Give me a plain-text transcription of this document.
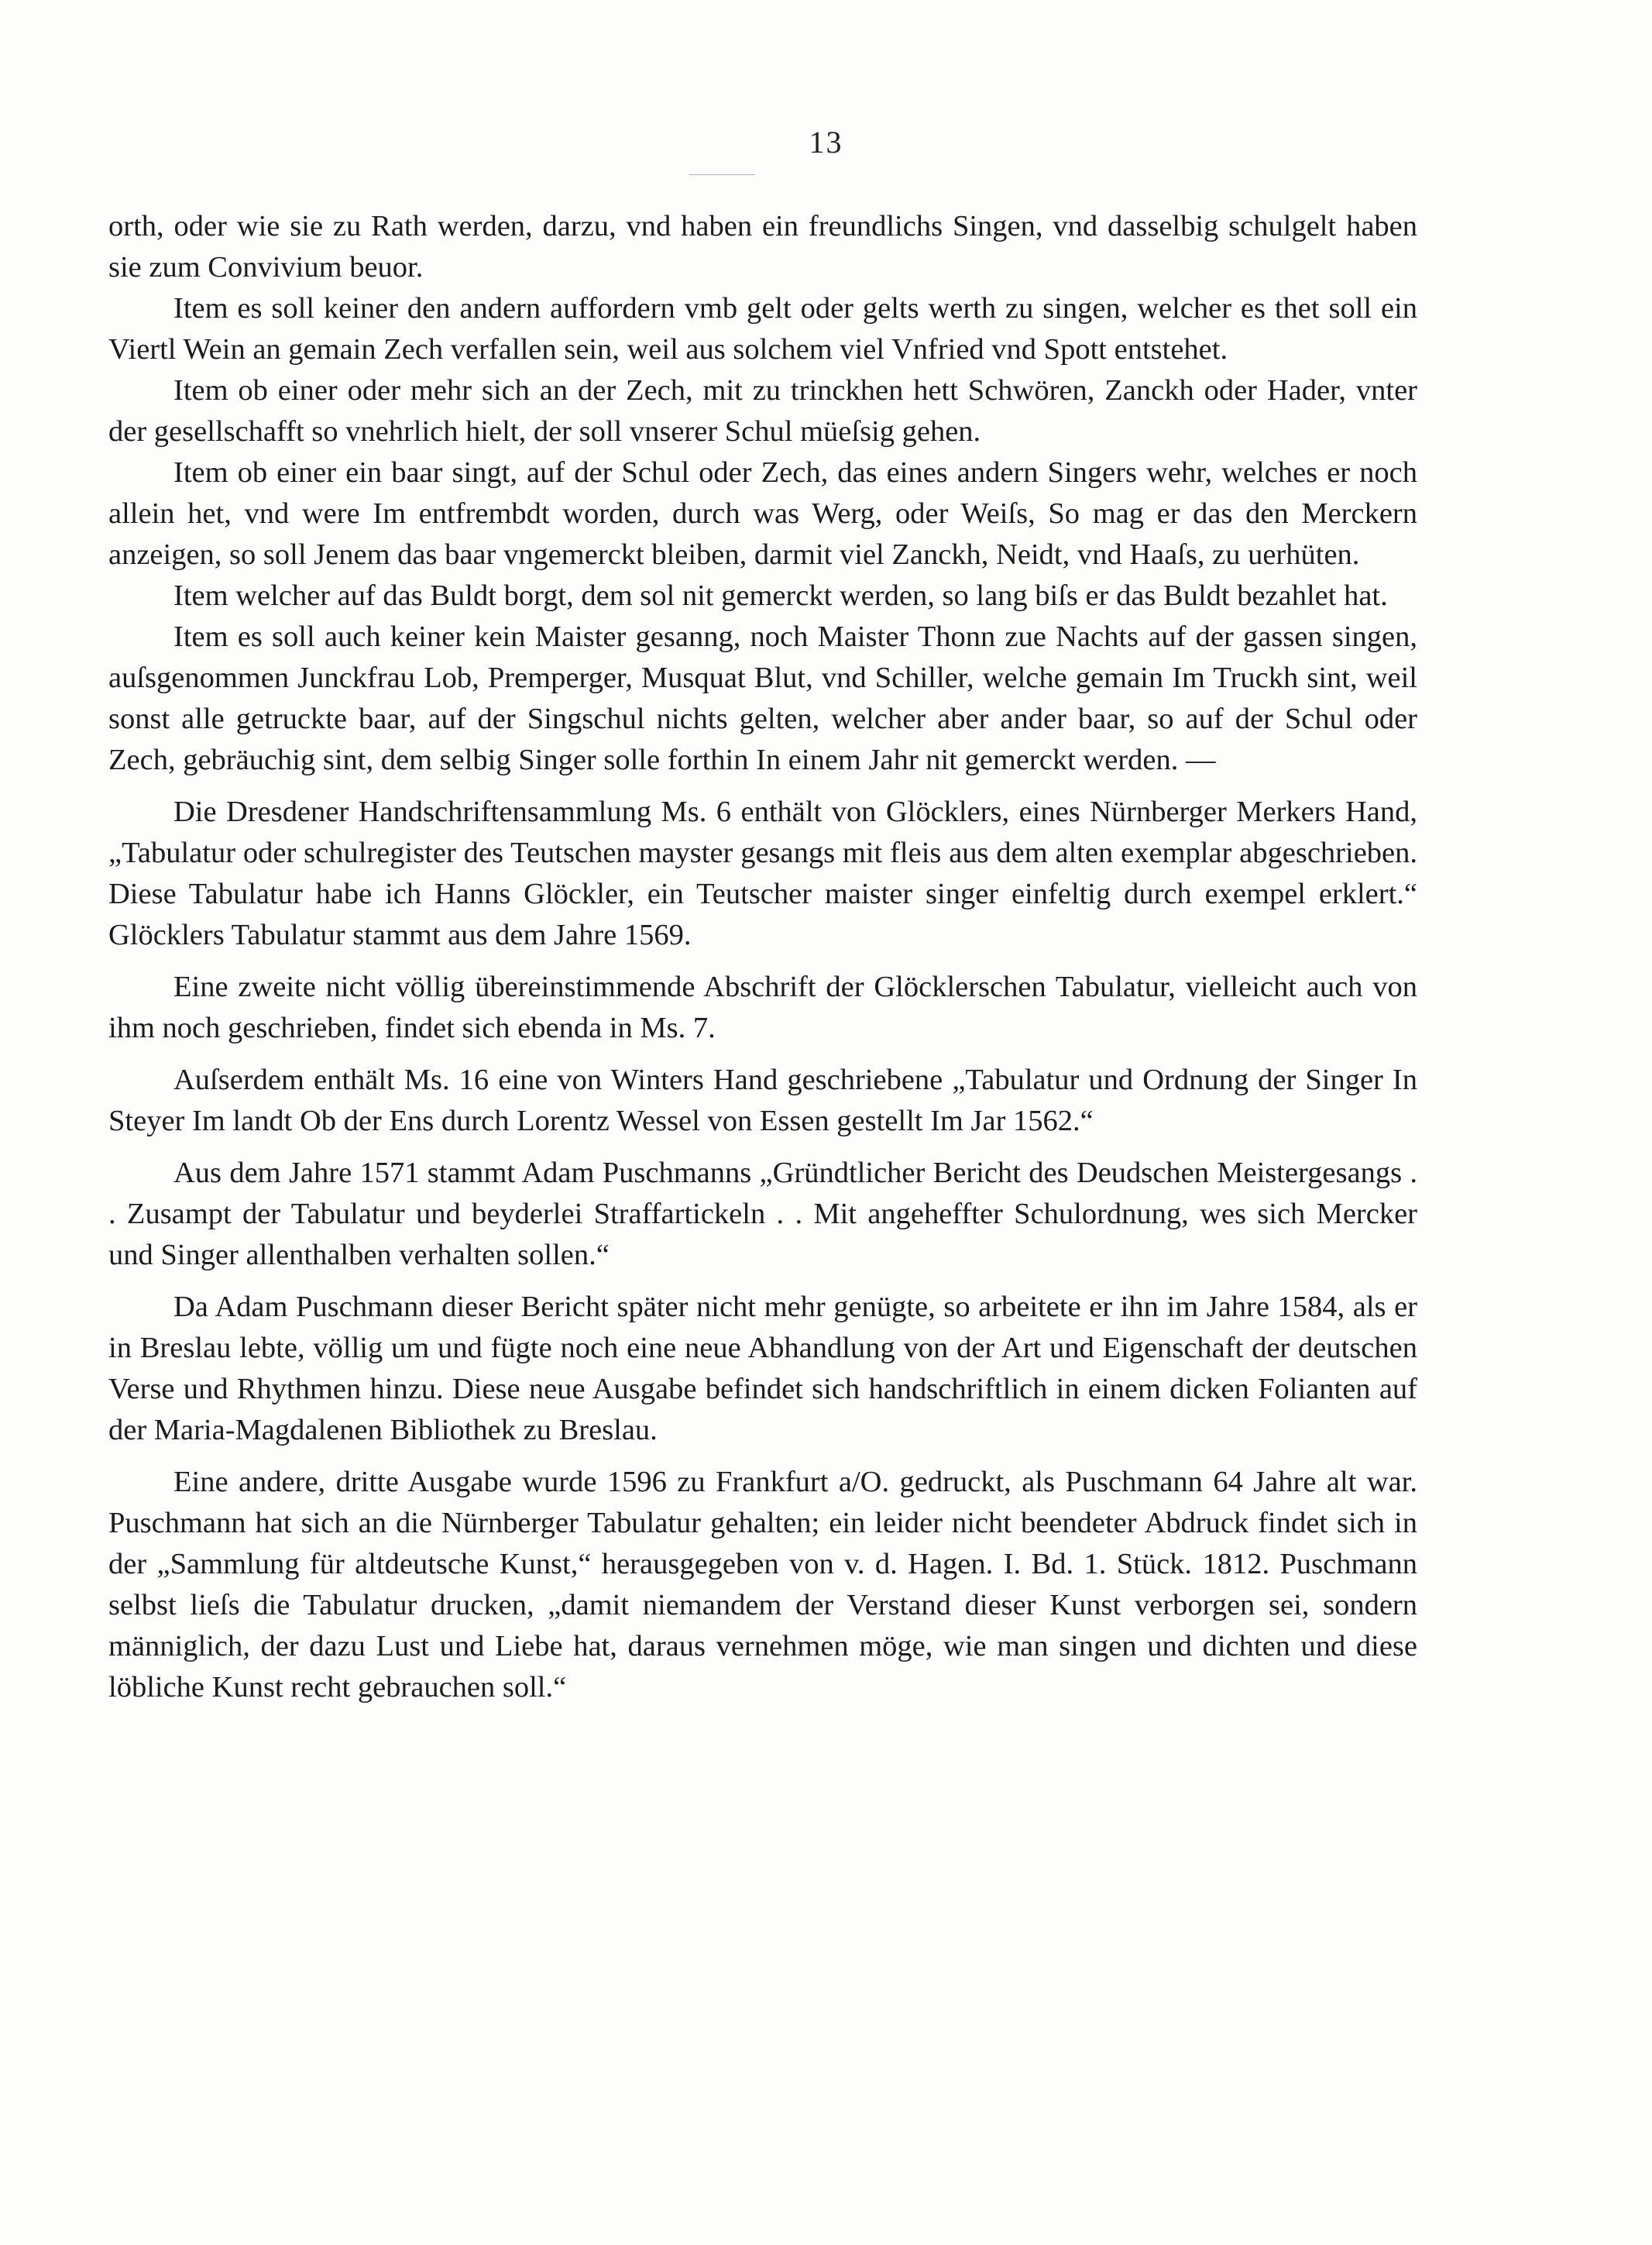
13

orth, oder wie sie zu Rath werden, darzu, vnd haben ein freundlichs Singen, vnd dasselbig schulgelt haben sie zum Convivium beuor.

Item es soll keiner den andern auffordern vmb gelt oder gelts werth zu singen, welcher es thet soll ein Viertl Wein an gemain Zech verfallen sein, weil aus solchem viel Vnfried vnd Spott entstehet.

Item ob einer oder mehr sich an der Zech, mit zu trinckhen hett Schwören, Zanckh oder Hader, vnter der gesellschafft so vnehrlich hielt, der soll vnserer Schul müeſsig gehen.

Item ob einer ein baar singt, auf der Schul oder Zech, das eines andern Singers wehr, welches er noch allein het, vnd were Im entfrembdt worden, durch was Werg, oder Weiſs, So mag er das den Merckern anzeigen, so soll Jenem das baar vngemerckt bleiben, darmit viel Zanckh, Neidt, vnd Haaſs, zu uerhüten.

Item welcher auf das Buldt borgt, dem sol nit gemerckt werden, so lang biſs er das Buldt bezahlet hat.

Item es soll auch keiner kein Maister gesanng, noch Maister Thonn zue Nachts auf der gassen singen, auſsgenommen Junckfrau Lob, Premperger, Musquat Blut, vnd Schiller, welche gemain Im Truckh sint, weil sonst alle getruckte baar, auf der Singschul nichts gelten, welcher aber ander baar, so auf der Schul oder Zech, gebräuchig sint, dem selbig Singer solle forthin In einem Jahr nit gemerckt werden. —

Die Dresdener Handschriftensammlung Ms. 6 enthält von Glöcklers, eines Nürnberger Merkers Hand, „Tabulatur oder schulregister des Teutschen mayster gesangs mit fleis aus dem alten exemplar abgeschrieben. Diese Tabulatur habe ich Hanns Glöckler, ein Teutscher maister singer einfeltig durch exempel erklert.“ Glöcklers Tabulatur stammt aus dem Jahre 1569.

Eine zweite nicht völlig übereinstimmende Abschrift der Glöcklerschen Tabulatur, vielleicht auch von ihm noch geschrieben, findet sich ebenda in Ms. 7.

Auſserdem enthält Ms. 16 eine von Winters Hand geschriebene „Tabulatur und Ordnung der Singer In Steyer Im landt Ob der Ens durch Lorentz Wessel von Essen gestellt Im Jar 1562.“

Aus dem Jahre 1571 stammt Adam Puschmanns „Gründtlicher Bericht des Deudschen Meistergesangs . . Zusampt der Tabulatur und beyderlei Straffartickeln . . Mit angeheffter Schulordnung, wes sich Mercker und Singer allenthalben verhalten sollen.“

Da Adam Puschmann dieser Bericht später nicht mehr genügte, so arbeitete er ihn im Jahre 1584, als er in Breslau lebte, völlig um und fügte noch eine neue Abhandlung von der Art und Eigenschaft der deutschen Verse und Rhythmen hinzu. Diese neue Ausgabe befindet sich handschriftlich in einem dicken Folianten auf der Maria-Magdalenen Bibliothek zu Breslau.

Eine andere, dritte Ausgabe wurde 1596 zu Frankfurt a/O. gedruckt, als Puschmann 64 Jahre alt war. Puschmann hat sich an die Nürnberger Tabulatur gehalten; ein leider nicht beendeter Abdruck findet sich in der „Sammlung für altdeutsche Kunst,“ herausgegeben von v. d. Hagen. I. Bd. 1. Stück. 1812. Puschmann selbst lieſs die Tabulatur drucken, „damit niemandem der Verstand dieser Kunst verborgen sei, sondern männiglich, der dazu Lust und Liebe hat, daraus vernehmen möge, wie man singen und dichten und diese löbliche Kunst recht gebrauchen soll.“
